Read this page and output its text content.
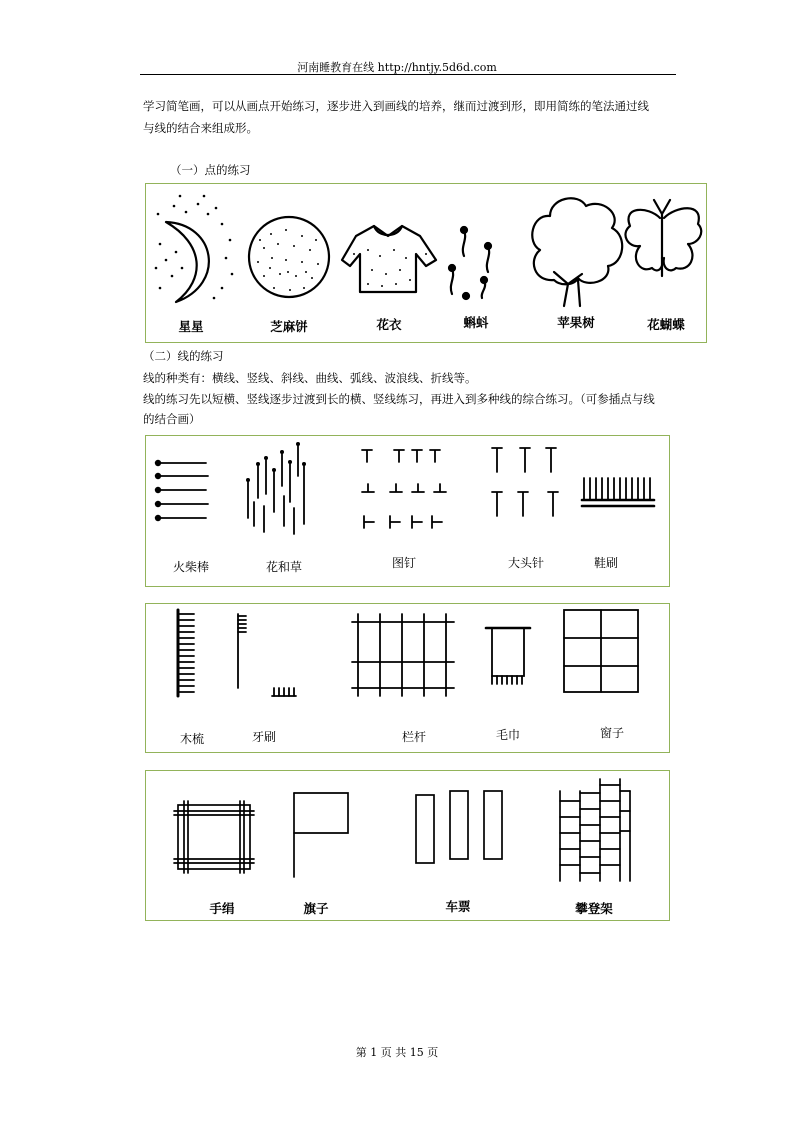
河南睡教育在线 http://hntjy.5d6d.com
学习简笔画，可以从画点开始练习，逐步进入到画线的培养，继而过渡到形，即用简练的笔法通过线
与线的结合来组成形。
（一）点的练习
星星	芝麻饼	花衣	蝌蚪	苹果树	花蝴蝶
（二）线的练习
线的种类有：横线、竖线、斜线、曲线、弧线、波浪线、折线等。
线的练习先以短横、竖线逐步过渡到长的横、竖线练习，再进入到多种线的综合练习。（可参插点与线
的结合画）
火柴棒	花和草	图钉	大头针	鞋刷
木梳	牙刷	栏杆	毛巾	窗子
手绢	旗子	车票	攀登架
第 1 页 共 15 页
